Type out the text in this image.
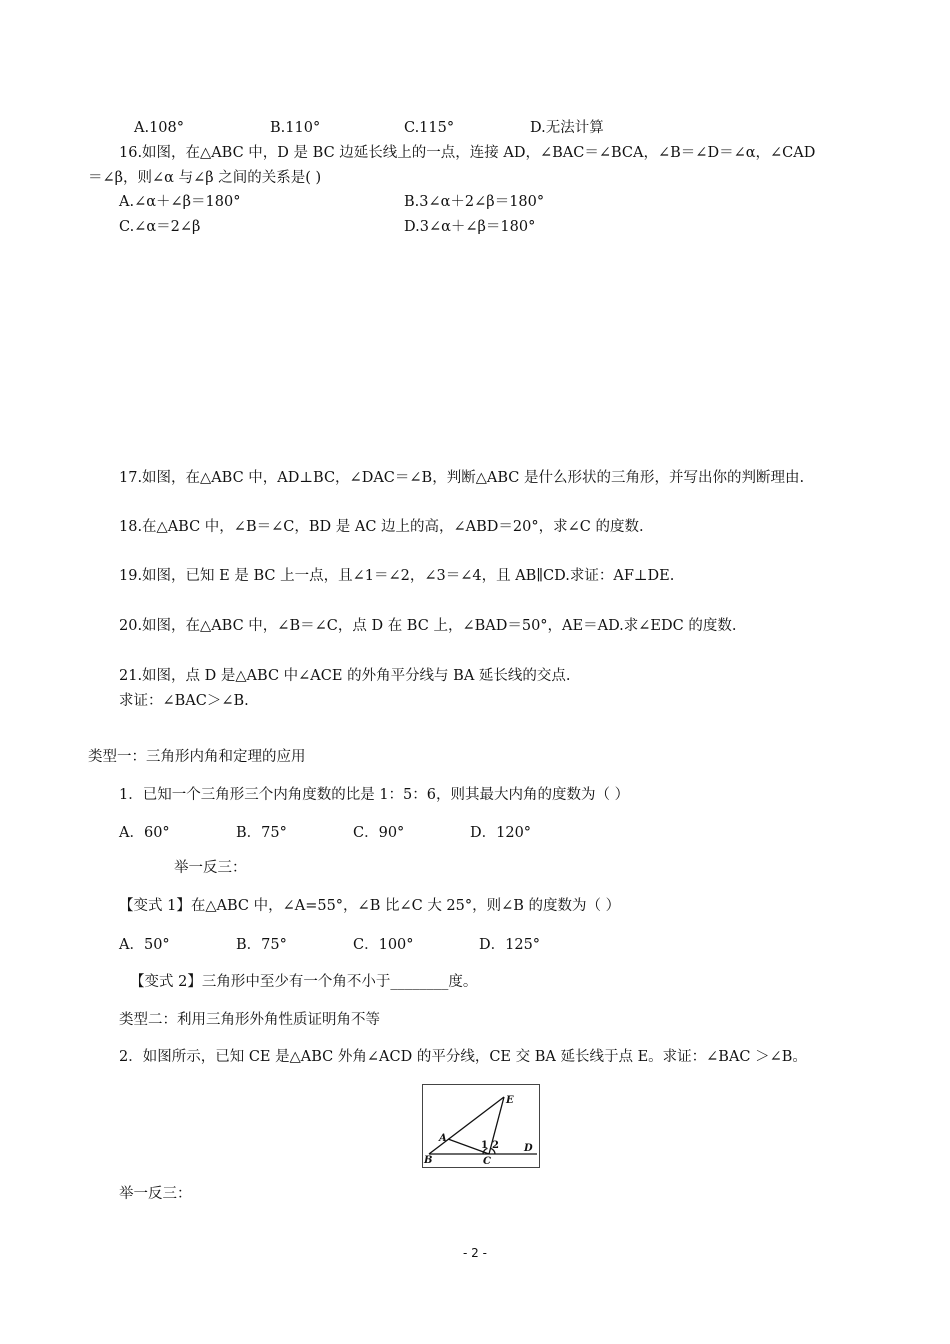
A.108°	B.110°	C.115°	D.无法计算
16.如图，在△ABC 中，D 是 BC 边延长线上的一点，连接 AD，∠BAC＝∠BCA，∠B＝∠D＝∠α，∠CAD
＝∠β，则∠α 与∠β 之间的关系是( )
A.∠α＋∠β＝180°	B.3∠α＋2∠β＝180°
C.∠α＝2∠β	D.3∠α＋∠β＝180°
17.如图，在△ABC 中，AD⊥BC，∠DAC＝∠B，判断△ABC 是什么形状的三角形，并写出你的判断理由.
18.在△ABC 中，∠B＝∠C，BD 是 AC 边上的高，∠ABD＝20°，求∠C 的度数.
19.如图，已知 E 是 BC 上一点，且∠1＝∠2，∠3＝∠4，且 AB∥CD.求证：AF⊥DE.
20.如图，在△ABC 中，∠B＝∠C，点 D 在 BC 上，∠BAD＝50°，AE＝AD.求∠EDC 的度数.
21.如图，点 D 是△ABC 中∠ACE 的外角平分线与 BA 延长线的交点.
求证：∠BAC＞∠B.
类型一：三角形内角和定理的应用
1．已知一个三角形三个内角度数的比是 1：5：6，则其最大内角的度数为（ ）
A．60°	B．75°	C．90°	D．120°
举一反三：
【变式 1】在△ABC 中，∠A=55°，∠B 比∠C 大 25°，则∠B 的度数为（ ）
A．50°	B．75°	C．100°	D．125°
【变式 2】三角形中至少有一个角不小于________度。
类型二：利用三角形外角性质证明角不等
2．如图所示，已知 CE 是△ABC 外角∠ACD 的平分线，CE 交 BA 延长线于点 E。求证：∠BAC ＞∠B。
E
A
B	C
D
1 2
举一反三：
- 2 -
